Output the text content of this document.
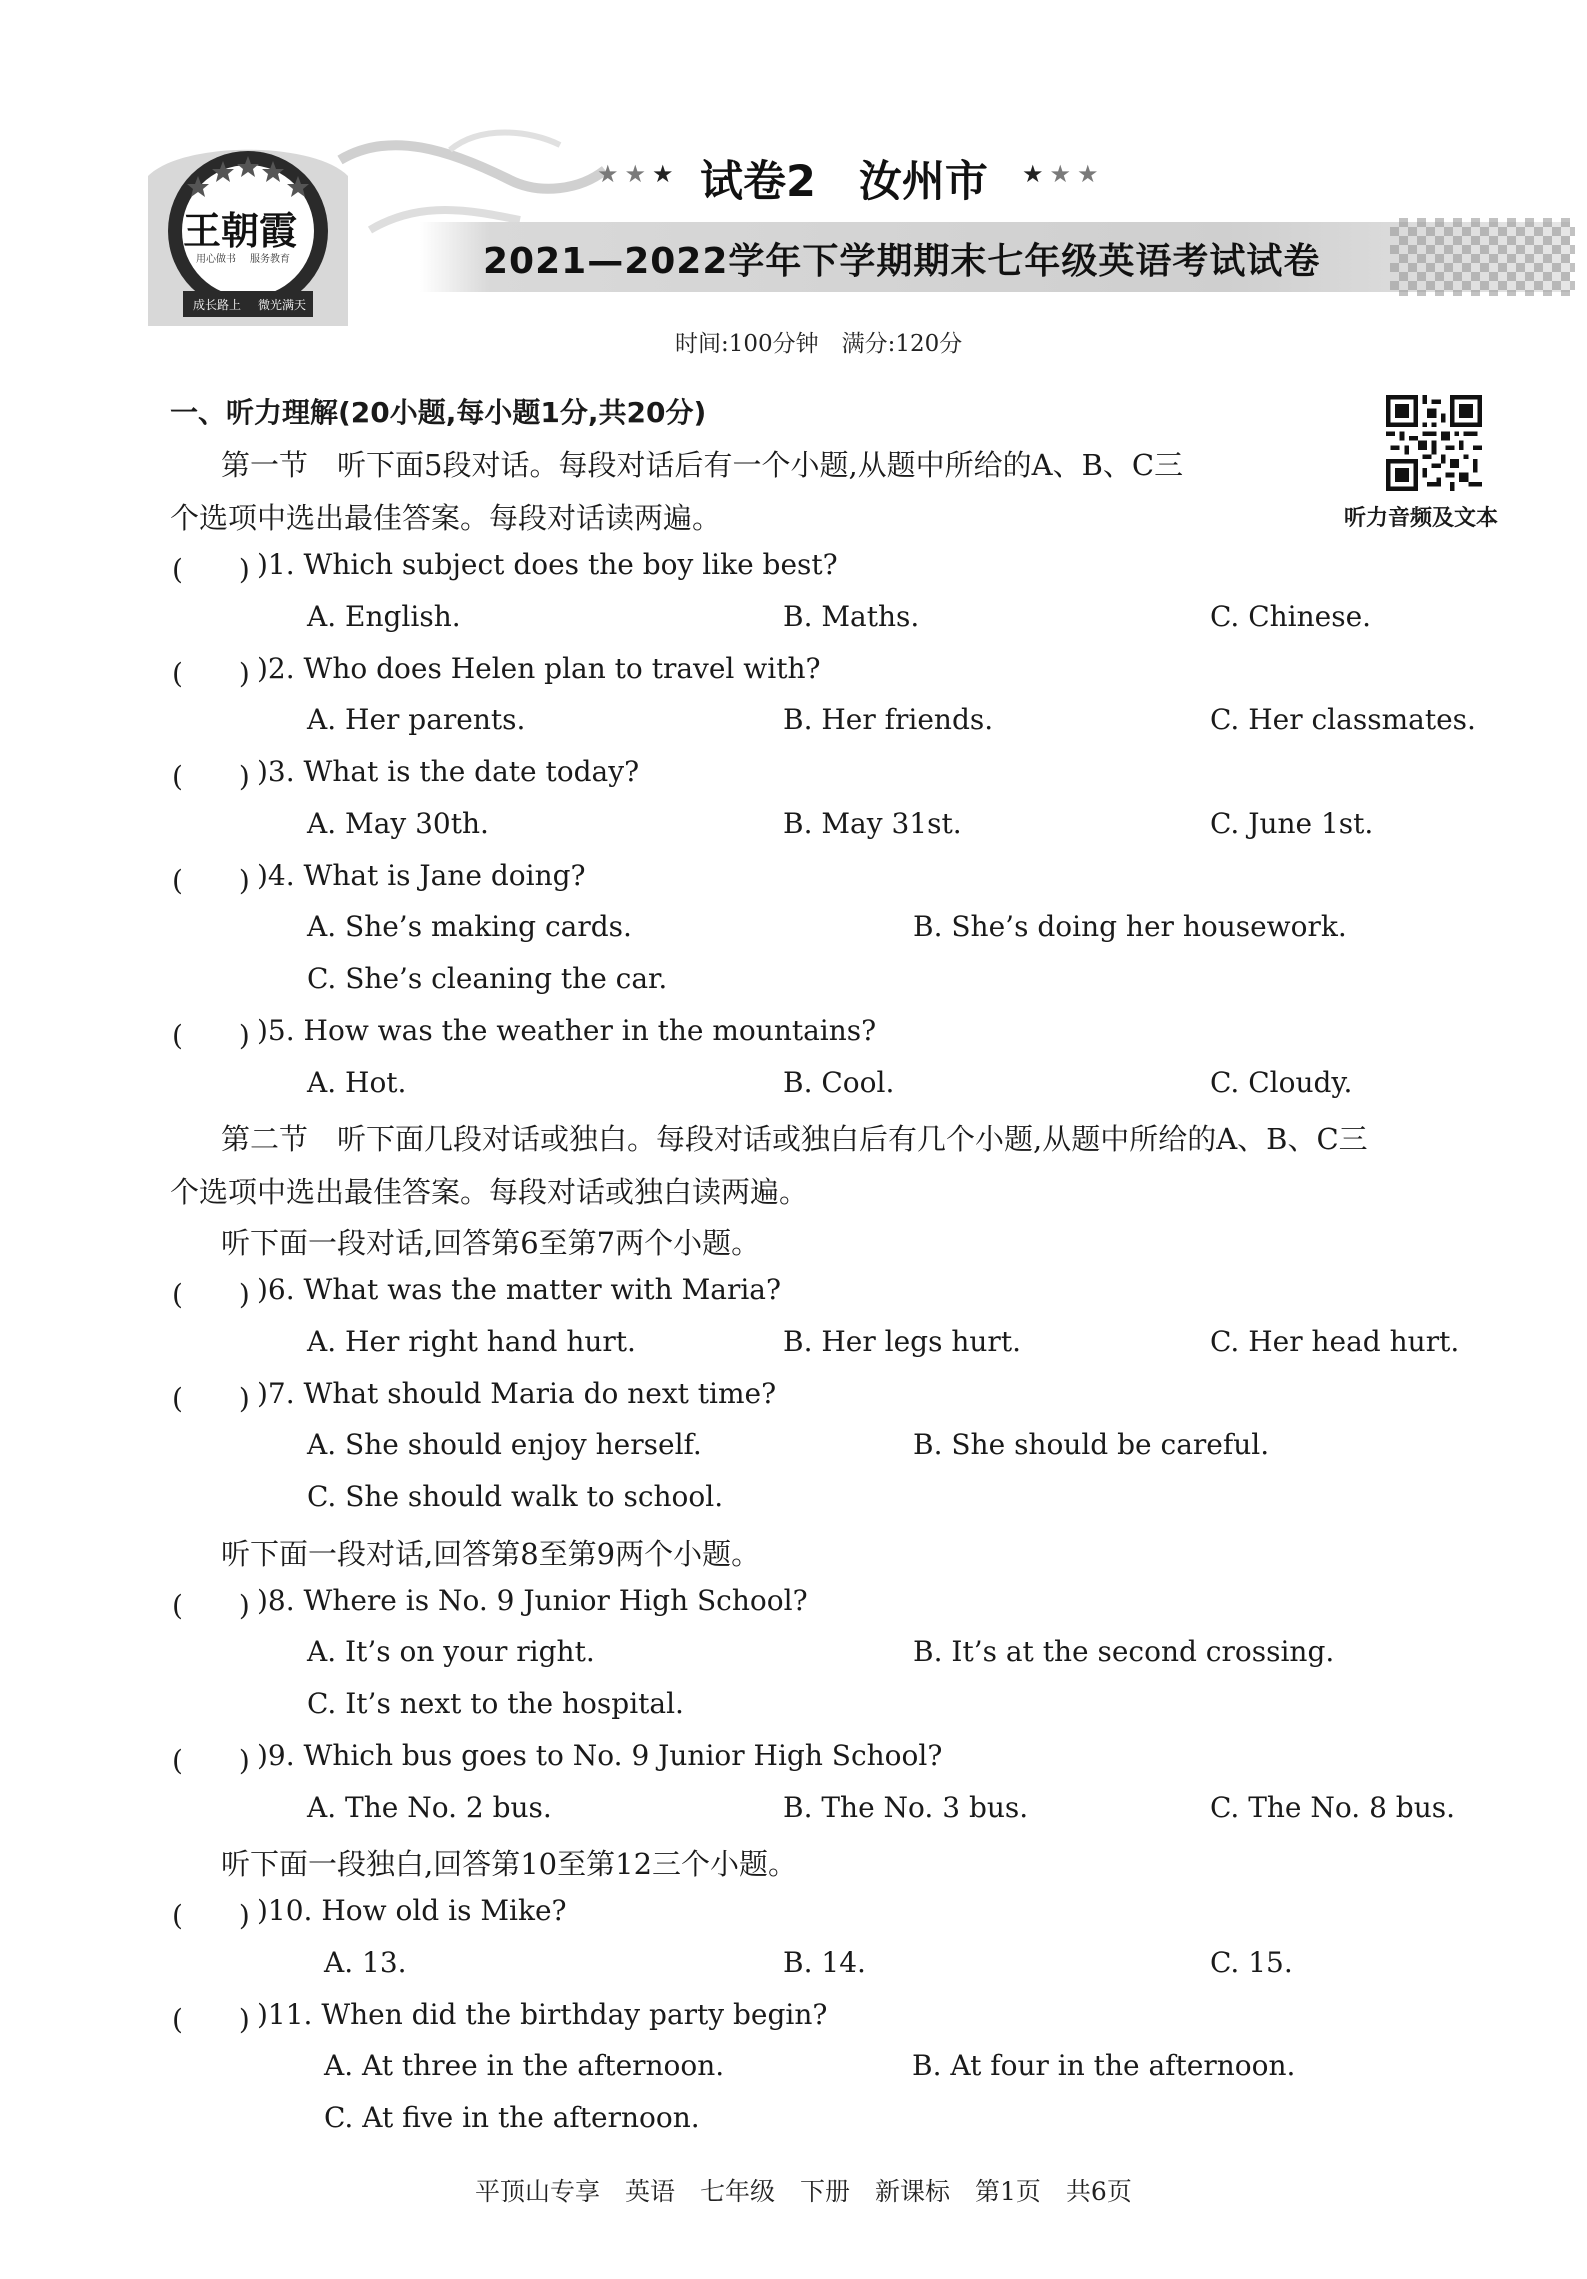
王朝霞
用心做书 服务教育
成长路上 微光满天
★★★ 试卷2　汝州市 ★★★
2021—2022学年下学期期末七年级英语考试试卷
时间:100分钟　满分:120分
听力音频及文本
一、听力理解(20小题,每小题1分,共20分)
第一节　听下面5段对话。每段对话后有一个小题,从题中所给的A、B、C三
个选项中选出最佳答案。每段对话读两遍。
(　　) )1. Which subject does the boy like best?
A. English.	B. Maths.	C. Chinese.
(　　) )2. Who does Helen plan to travel with?
A. Her parents.	B. Her friends.	C. Her classmates.
(　　) )3. What is the date today?
A. May 30th.	B. May 31st.	C. June 1st.
(　　) )4. What is Jane doing?
A. She’s making cards.	B. She’s doing her housework.
C. She’s cleaning the car.
(　　) )5. How was the weather in the mountains?
A. Hot.	B. Cool.	C. Cloudy.
第二节　听下面几段对话或独白。每段对话或独白后有几个小题,从题中所给的A、B、C三
个选项中选出最佳答案。每段对话或独白读两遍。
听下面一段对话,回答第6至第7两个小题。
(　　) )6. What was the matter with Maria?
A. Her right hand hurt.	B. Her legs hurt.	C. Her head hurt.
(　　) )7. What should Maria do next time?
A. She should enjoy herself.	B. She should be careful.
C. She should walk to school.
听下面一段对话,回答第8至第9两个小题。
(　　) )8. Where is No. 9 Junior High School?
A. It’s on your right.	B. It’s at the second crossing.
C. It’s next to the hospital.
(　　) )9. Which bus goes to No. 9 Junior High School?
A. The No. 2 bus.	B. The No. 3 bus.	C. The No. 8 bus.
听下面一段独白,回答第10至第12三个小题。
(　　) )10. How old is Mike?
A. 13.	B. 14.	C. 15.
(　　) )11. When did the birthday party begin?
A. At three in the afternoon.	B. At four in the afternoon.
C. At five in the afternoon.
平顶山专享　英语　七年级　下册　新课标　第1页　共6页
